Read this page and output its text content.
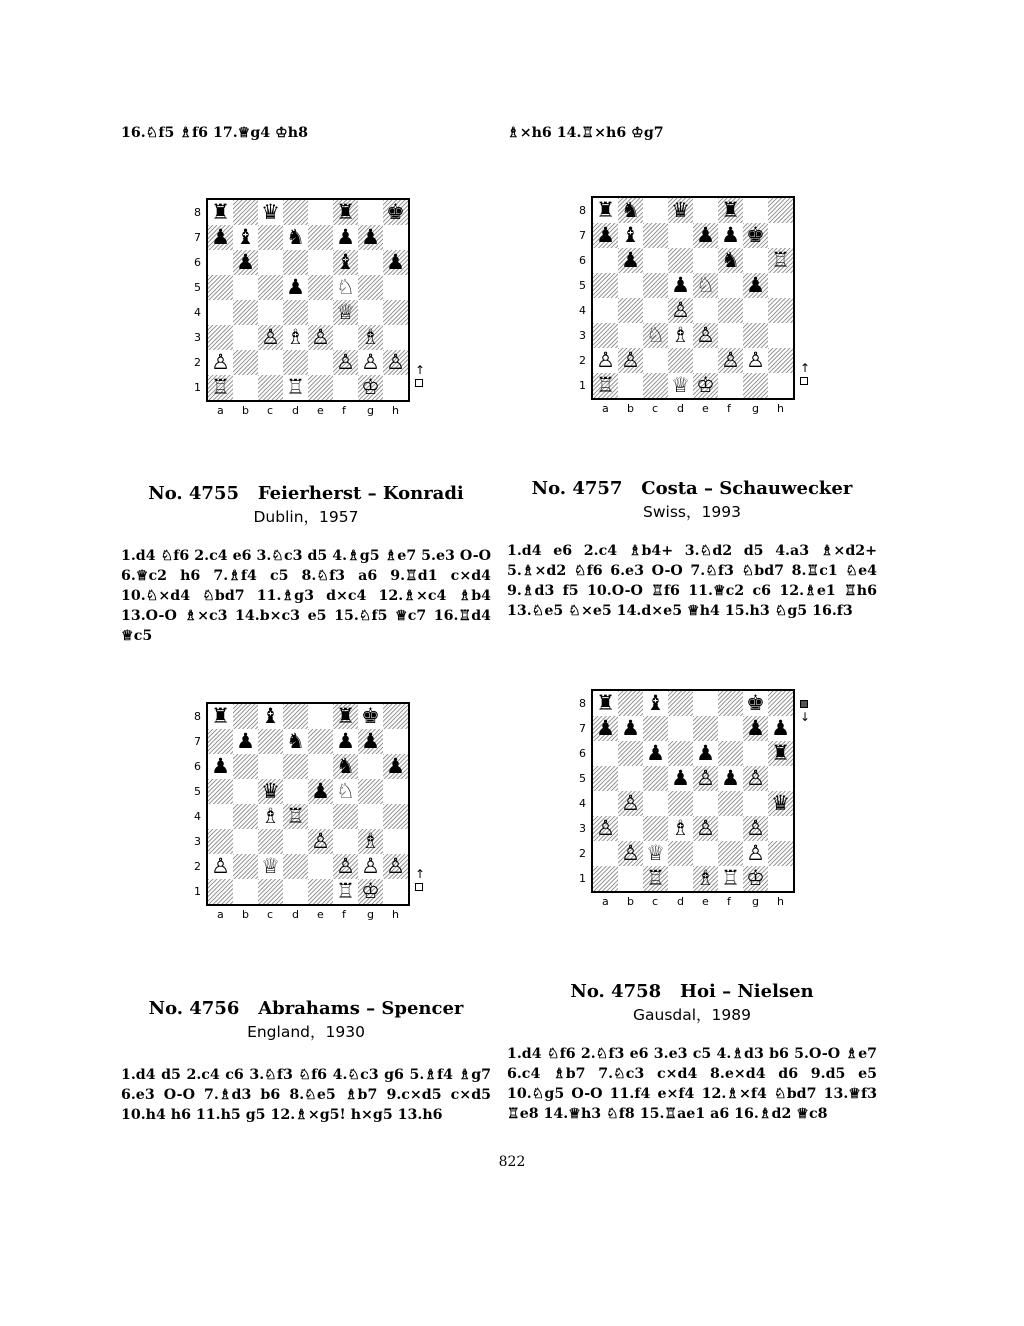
16.♘f5 ♗f6 17.♕g4 ♔h8	♗×h6 14.♖×h6 ♔g7
♜ ♛	♜ ♚
♟ ♝ ♞ ♟ ♟
♟	♝ ♟
♟ ♘
♕
♙ ♗ ♙ ♗
♙	♙ ♙ ♙
♖	♖	♔
8
7
6
5
4
3
2
1
a b c d e f g h
↑
♜ ♞ ♛ ♜
♟ ♝	♟ ♟ ♚
♟	♞ ♖
♟ ♘ ♟
♙
♘ ♗ ♙
♙ ♙	♙ ♙
♖	♕ ♔
8
7
6
5
4
3
2
1
a b c d e f g h
↑
♜ ♝	♜ ♚
♟ ♞ ♟ ♟
♟	♞ ♟
♛ ♟ ♘
♗ ♖
♙ ♗
♙ ♕	♙ ♙ ♙
♖ ♔
8
7
6
5
4
3
2
1
a b c d e f g h
↑
♜ ♝	♚
♟ ♟	♟ ♟
♟ ♟	♜
♟ ♙ ♟ ♙
♙	♛
♙	♗ ♙ ♙
♙ ♕	♙
♖ ♗ ♖ ♔
8
7
6
5
4
3
2
1
a b c d e f g h
↓
No. 4755 Feierherst – Konradi
Dublin，1957
No. 4757 Costa – Schauwecker
Swiss，1993
No. 4756 Abrahams – Spencer
England，1930
No. 4758 Hoi – Nielsen
Gausdal，1989

1.d4 ♘f6 2.c4 e6 3.♘c3 d5 4.♗g5 ♗e7 5.e3 O-O 6.♕c2 h6 7.♗f4 c5 8.♘f3 a6 9.♖d1 c×d4 10.♘×d4 ♘bd7 11.♗g3 d×c4 12.♗×c4 ♗b4 13.O-O ♗×c3 14.b×c3 e5 15.♘f5 ♕c7 16.♖d4 ♕c5

1.d4 e6 2.c4 ♗b4+ 3.♘d2 d5 4.a3 ♗×d2+ 5.♗×d2 ♘f6 6.e3 O-O 7.♘f3 ♘bd7 8.♖c1 ♘e4 9.♗d3 f5 10.O-O ♖f6 11.♕c2 c6 12.♗e1 ♖h6 13.♘e5 ♘×e5 14.d×e5 ♕h4 15.h3 ♘g5 16.f3

1.d4 d5 2.c4 c6 3.♘f3 ♘f6 4.♘c3 g6 5.♗f4 ♗g7 6.e3 O-O 7.♗d3 b6 8.♘e5 ♗b7 9.c×d5 c×d5 10.h4 h6 11.h5 g5 12.♗×g5! h×g5 13.h6

1.d4 ♘f6 2.♘f3 e6 3.e3 c5 4.♗d3 b6 5.O-O ♗e7 6.c4 ♗b7 7.♘c3 c×d4 8.e×d4 d6 9.d5 e5 10.♘g5 O-O 11.f4 e×f4 12.♗×f4 ♘bd7 13.♕f3 ♖e8 14.♕h3 ♘f8 15.♖ae1 a6 16.♗d2 ♕c8

822
